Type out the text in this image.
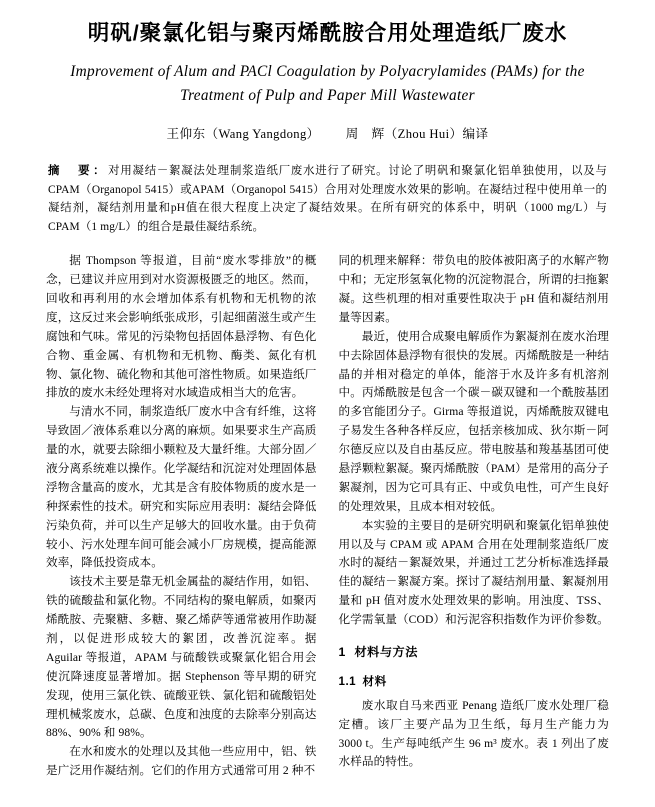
明矾/聚氯化铝与聚丙烯酰胺合用处理造纸厂废水
Improvement of Alum and PACl Coagulation by Polyacrylamides (PAMs) for the
Treatment of Pulp and Paper Mill Wastewater
王仰东（Wang Yangdong） 周　辉（Zhou Hui）编译
摘　要：对用凝结－絮凝法处理制浆造纸厂废水进行了研究。讨论了明矾和聚氯化铝单独使用，以及与 CPAM（Organopol 5415）或APAM（Organopol 5415）合用对处理废水效果的影响。在凝结过程中使用单一的凝结剂，凝结剂用量和pH值在很大程度上决定了凝结效果。在所有研究的体系中，明矾（1000 mg/L）与CPAM（1 mg/L）的组合是最佳凝结系统。

据 Thompson 等报道，目前“废水零排放”的概念，已建议并应用到对水资源极匮乏的地区。然而，回收和再利用的水会增加体系有机物和无机物的浓度，这反过来会影响纸张成形，引起细菌滋生或产生腐蚀和气味。常见的污染物包括固体悬浮物、有色化合物、重金属、有机物和无机物、酶类、氮化有机物、氯化物、硫化物和其他可溶性物质。如果造纸厂排放的废水未经处理将对水域造成相当大的危害。

与清水不同，制浆造纸厂废水中含有纤维，这将导致固／液体系难以分离的麻烦。如果要求生产高质量的水，就要去除细小颗粒及大量纤维。大部分固／液分离系统难以操作。化学凝结和沉淀对处理固体悬浮物含量高的废水，尤其是含有胶体物质的废水是一种探索性的技术。研究和实际应用表明：凝结会降低污染负荷，并可以生产足够大的回收水量。由于负荷较小、污水处理车间可能会减小厂房规模，提高能源效率，降低投资成本。

该技术主要是靠无机金属盐的凝结作用，如铝、铁的硫酸盐和氯化物。不同结构的聚电解质，如聚丙烯酰胺、壳聚糖、多糖、聚乙烯萨等通常被用作助凝剂，以促进形成较大的絮团，改善沉淀率。据 Aguilar 等报道，APAM 与硫酸铁或聚氯化铝合用会使沉降速度显著增加。据 Stephenson 等早期的研究发现，使用三氯化铁、硫酸亚铁、氯化铝和硫酸铝处理机械浆废水，总碳、色度和浊度的去除率分别高达 88%、90% 和 98%。

在水和废水的处理以及其他一些应用中，铝、铁是广泛用作凝结剂。它们的作用方式通常可用 2 种不

同的机理来解释：带负电的胶体被阳离子的水解产物中和；无定形氢氧化物的沉淀物混合，所谓的扫拖絮凝。这些机理的相对重要性取决于 pH 值和凝结剂用量等因素。

最近，使用合成聚电解质作为絮凝剂在废水治理中去除固体悬浮物有很快的发展。丙烯酰胺是一种结晶的并相对稳定的单体，能溶于水及许多有机溶剂中。丙烯酰胺是包含一个碳－碳双键和一个酰胺基团的多官能团分子。Girma 等报道说，丙烯酰胺双键电子易发生各种各样反应，包括亲核加成、狄尔斯－阿尔德反应以及自由基反应。带电胺基和羧基基团可使悬浮颗粒絮凝。聚丙烯酰胺（PAM）是常用的高分子絮凝剂，因为它可具有正、中或负电性，可产生良好的处理效果，且成本相对较低。

本实验的主要目的是研究明矾和聚氯化铝单独使用以及与 CPAM 或 APAM 合用在处理制浆造纸厂废水时的凝结－絮凝效果，并通过工艺分析标准选择最佳的凝结－絮凝方案。探讨了凝结剂用量、絮凝剂用量和 pH 值对废水处理效果的影响。用浊度、TSS、化学需氧量（COD）和污泥容积指数作为评价参数。

1 材料与方法
1.1 材料

废水取自马来西亚 Penang 造纸厂废水处理厂稳定槽。该厂主要产品为卫生纸，每月生产能力为 3000 t。生产每吨纸产生 96 m³ 废水。表 1 列出了废水样品的特性。
